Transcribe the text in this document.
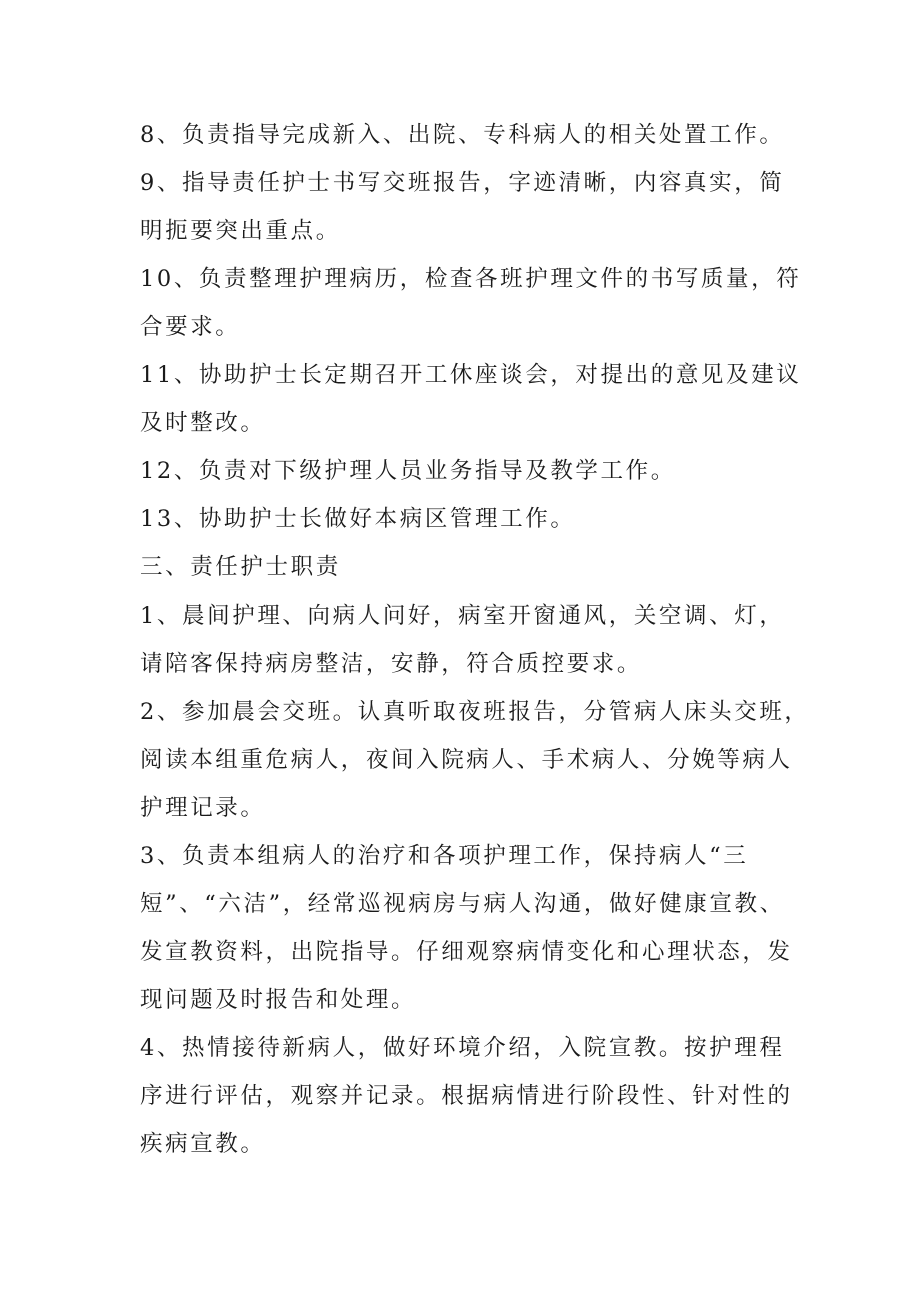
8、负责指导完成新入、出院、专科病人的相关处置工作。
9、指导责任护士书写交班报告，字迹清晰，内容真实，简
明扼要突出重点。
10、负责整理护理病历，检查各班护理文件的书写质量，符
合要求。
11、协助护士长定期召开工休座谈会，对提出的意见及建议
及时整改。
12、负责对下级护理人员业务指导及教学工作。
13、协助护士长做好本病区管理工作。
三、责任护士职责
1、晨间护理、向病人问好，病室开窗通风，关空调、灯，
请陪客保持病房整洁，安静，符合质控要求。
2、参加晨会交班。认真听取夜班报告，分管病人床头交班，
阅读本组重危病人，夜间入院病人、手术病人、分娩等病人
护理记录。
3、负责本组病人的治疗和各项护理工作，保持病人“三
短”、“六洁”，经常巡视病房与病人沟通，做好健康宣教、
发宣教资料，出院指导。仔细观察病情变化和心理状态，发
现问题及时报告和处理。
4、热情接待新病人，做好环境介绍，入院宣教。按护理程
序进行评估，观察并记录。根据病情进行阶段性、针对性的
疾病宣教。
